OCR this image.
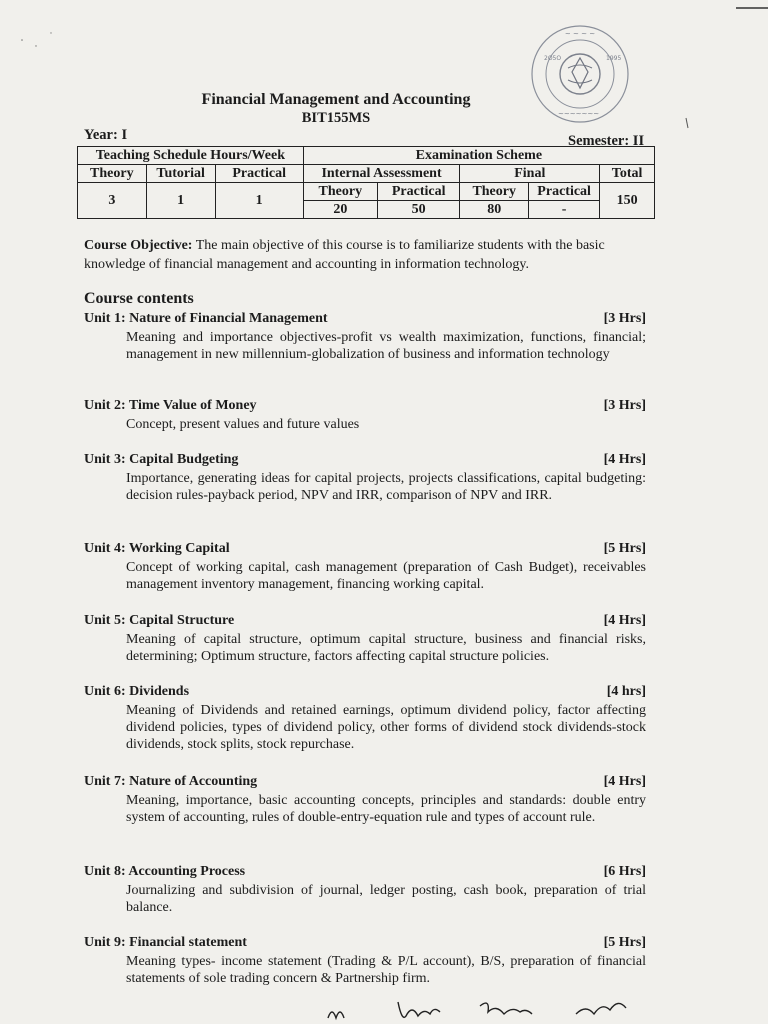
~ ~ ~ ~
1995
2O5O
~~~~~~~
Financial Management and Accounting
BIT155MS
Year: I	Semester: II
Teaching Schedule Hours/Week			Examination Scheme				
Theory	Tutorial	Practical	Internal Assessment		Final		Total
3	1	1	Theory	Practical	Theory	Practical	150
			20	50	80	-	
Course Objective: The main objective of this course is to familiarize students with the basic knowledge of financial management and accounting in information technology.
Course contents
Unit 1: Nature of Financial Management	[3 Hrs]
Meaning and importance objectives-profit vs wealth maximization, functions, financial; management in new millennium-globalization of business and information technology
Unit 2: Time Value of Money	[3 Hrs]
Concept, present values and future values
Unit 3: Capital Budgeting	[4 Hrs]
Importance, generating ideas for capital projects, projects classifications, capital budgeting: decision rules-payback period, NPV and IRR, comparison of NPV and IRR.
Unit 4: Working Capital	[5 Hrs]
Concept of working capital, cash management (preparation of Cash Budget), receivables management inventory management, financing working capital.
Unit 5: Capital Structure	[4 Hrs]
Meaning of capital structure, optimum capital structure, business and financial risks, determining; Optimum structure, factors affecting capital structure policies.
Unit 6: Dividends	[4 hrs]
Meaning of Dividends and retained earnings, optimum dividend policy, factor affecting dividend policies, types of dividend policy, other forms of dividend stock dividends-stock dividends, stock splits, stock repurchase.
Unit 7: Nature of Accounting	[4 Hrs]
Meaning, importance, basic accounting concepts, principles and standards: double entry system of accounting, rules of double-entry-equation rule and types of account rule.
Unit 8: Accounting Process	[6 Hrs]
Journalizing and subdivision of journal, ledger posting, cash book, preparation of trial balance.
Unit 9: Financial statement	[5 Hrs]
Meaning types- income statement (Trading & P/L account), B/S, preparation of financial statements of sole trading concern & Partnership firm.
